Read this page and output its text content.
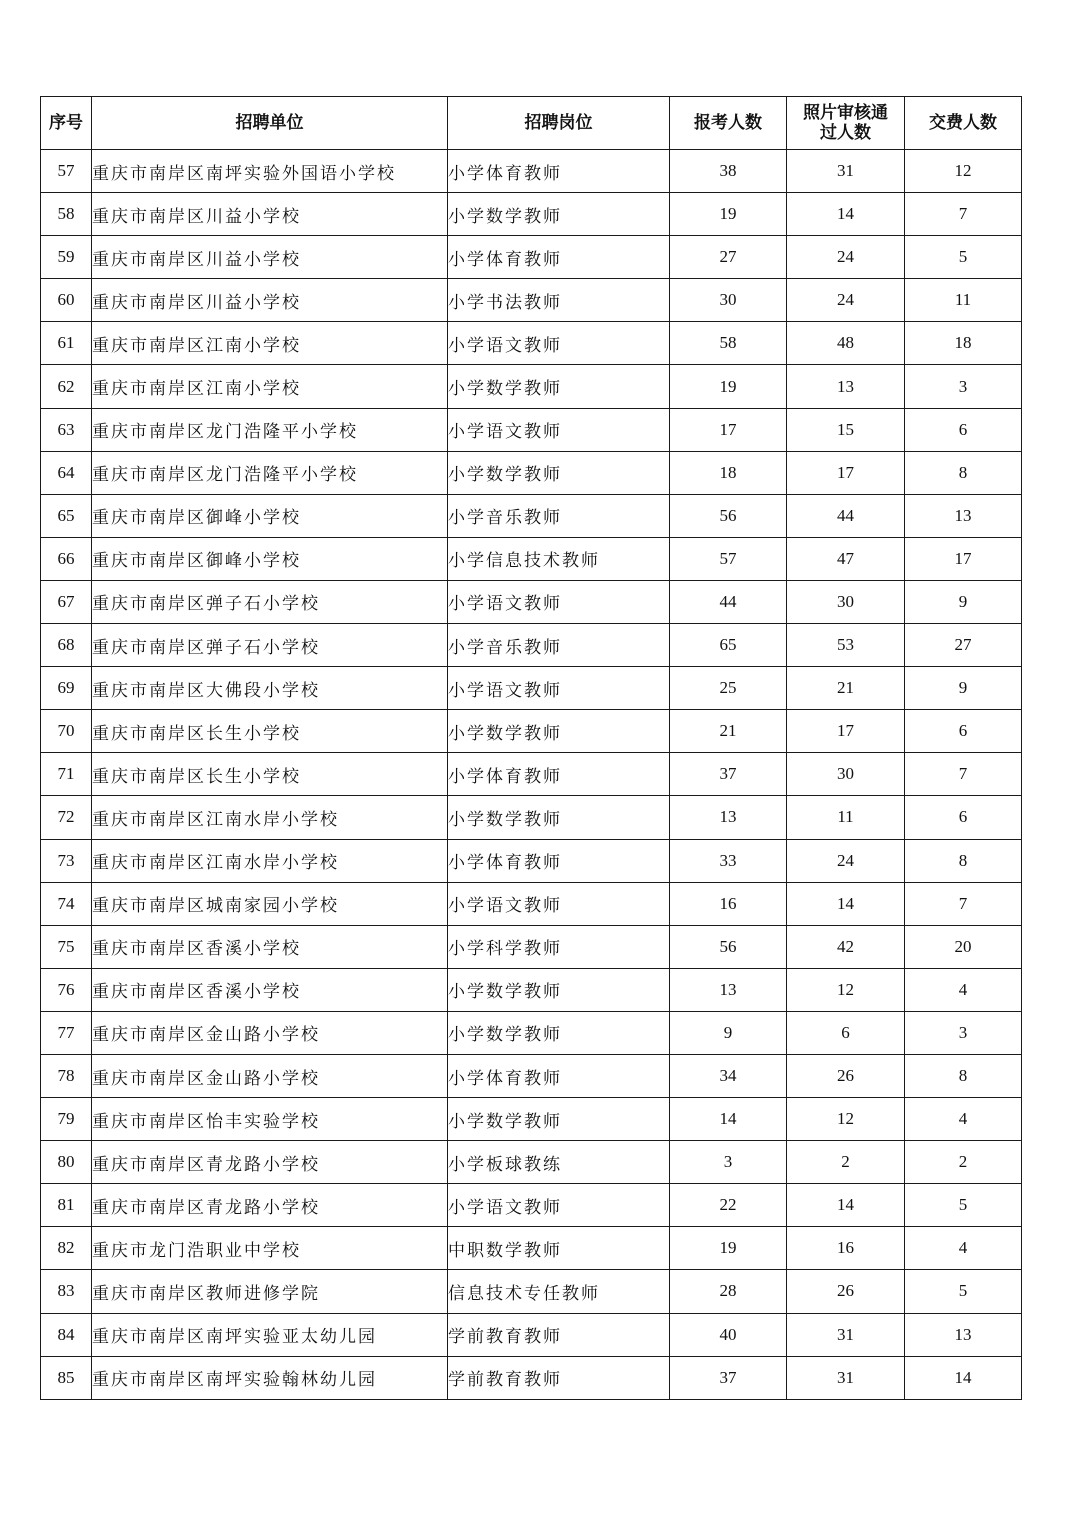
序号	招聘单位	招聘岗位	报考人数	照片审核通过人数	交费人数
57	重庆市南岸区南坪实验外国语小学校	小学体育教师	38	31	12
58	重庆市南岸区川益小学校	小学数学教师	19	14	7
59	重庆市南岸区川益小学校	小学体育教师	27	24	5
60	重庆市南岸区川益小学校	小学书法教师	30	24	11
61	重庆市南岸区江南小学校	小学语文教师	58	48	18
62	重庆市南岸区江南小学校	小学数学教师	19	13	3
63	重庆市南岸区龙门浩隆平小学校	小学语文教师	17	15	6
64	重庆市南岸区龙门浩隆平小学校	小学数学教师	18	17	8
65	重庆市南岸区御峰小学校	小学音乐教师	56	44	13
66	重庆市南岸区御峰小学校	小学信息技术教师	57	47	17
67	重庆市南岸区弹子石小学校	小学语文教师	44	30	9
68	重庆市南岸区弹子石小学校	小学音乐教师	65	53	27
69	重庆市南岸区大佛段小学校	小学语文教师	25	21	9
70	重庆市南岸区长生小学校	小学数学教师	21	17	6
71	重庆市南岸区长生小学校	小学体育教师	37	30	7
72	重庆市南岸区江南水岸小学校	小学数学教师	13	11	6
73	重庆市南岸区江南水岸小学校	小学体育教师	33	24	8
74	重庆市南岸区城南家园小学校	小学语文教师	16	14	7
75	重庆市南岸区香溪小学校	小学科学教师	56	42	20
76	重庆市南岸区香溪小学校	小学数学教师	13	12	4
77	重庆市南岸区金山路小学校	小学数学教师	9	6	3
78	重庆市南岸区金山路小学校	小学体育教师	34	26	8
79	重庆市南岸区怡丰实验学校	小学数学教师	14	12	4
80	重庆市南岸区青龙路小学校	小学板球教练	3	2	2
81	重庆市南岸区青龙路小学校	小学语文教师	22	14	5
82	重庆市龙门浩职业中学校	中职数学教师	19	16	4
83	重庆市南岸区教师进修学院	信息技术专任教师	28	26	5
84	重庆市南岸区南坪实验亚太幼儿园	学前教育教师	40	31	13
85	重庆市南岸区南坪实验翰林幼儿园	学前教育教师	37	31	14
